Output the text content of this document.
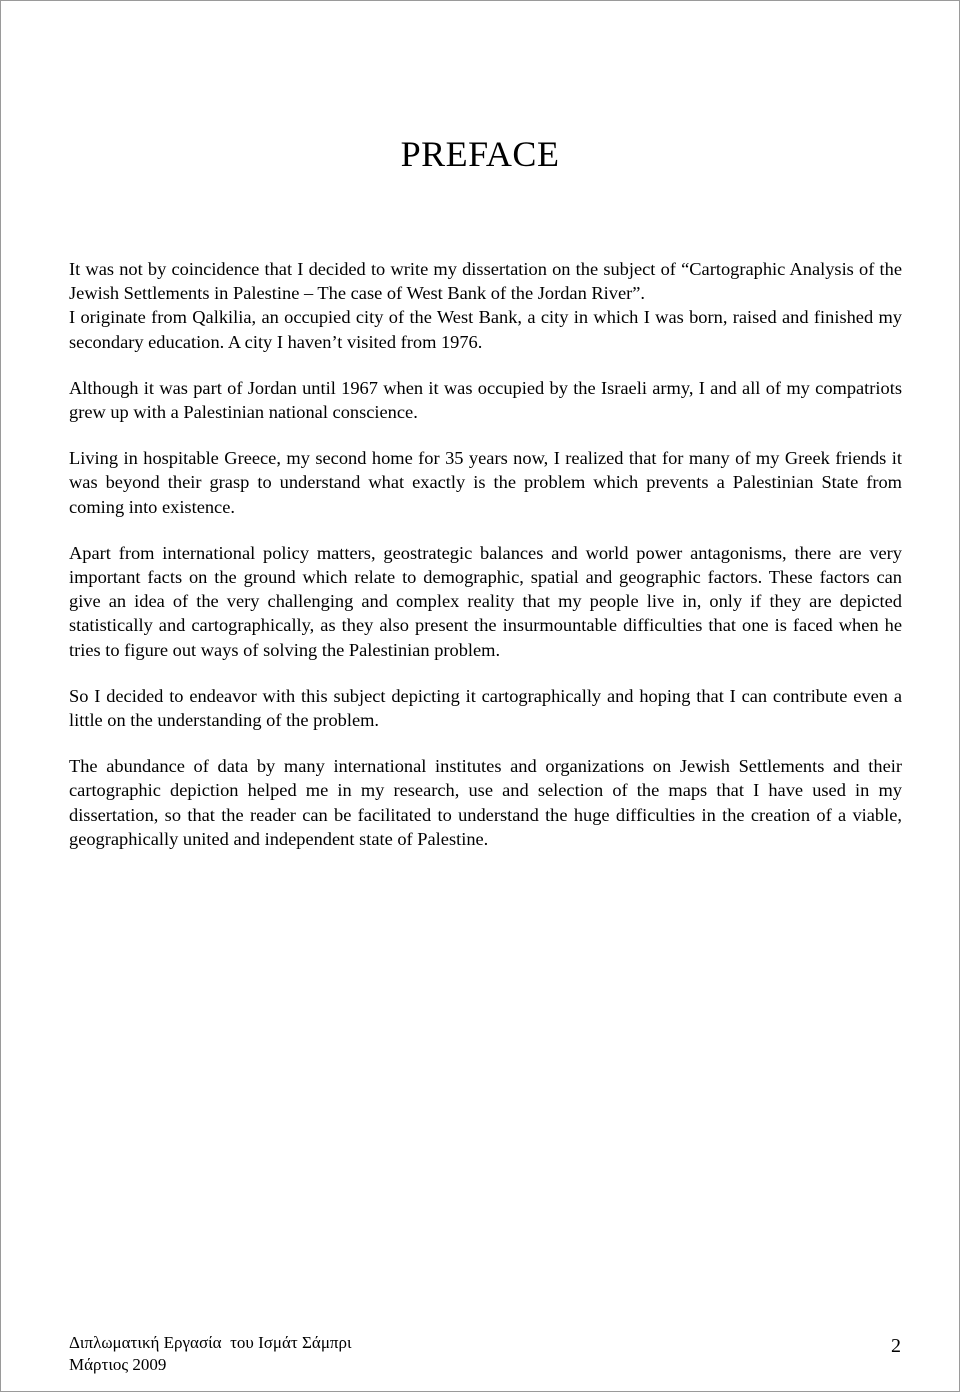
PREFACE

It was not by coincidence that I decided to write my dissertation on the subject of “Cartographic Analysis of the Jewish Settlements in Palestine – The case of West Bank of the Jordan River”.

I originate from Qalkilia, an occupied city of the West Bank, a city in which I was born, raised and finished my secondary education. A city I haven’t visited from 1976.

Although it was part of Jordan until 1967 when it was occupied by the Israeli army, I and all of my compatriots grew up with a Palestinian national conscience.

Living in hospitable Greece, my second home for 35 years now, I realized that for many of my Greek friends it was beyond their grasp to understand what exactly is the problem which prevents a Palestinian State from coming into existence.

Apart from international policy matters, geostrategic balances and world power antagonisms, there are very important facts on the ground which relate to demographic, spatial and geographic factors. These factors can give an idea of the very challenging and complex reality that my people live in, only if they are depicted statistically and cartographically, as they also present the insurmountable difficulties that one is faced when he tries to figure out ways of solving the Palestinian problem.

So I decided to endeavor with this subject depicting it cartographically and hoping that I can contribute even a little on the understanding of the problem.

The abundance of data by many international institutes and organizations on Jewish Settlements and their cartographic depiction helped me in my research, use and selection of the maps that I have used in my dissertation, so that the reader can be facilitated to understand the huge difficulties in the creation of a viable, geographically united and independent state of Palestine.

Διπλωματική Εργασία  του Ισμάτ Σάμπρι
Μάρτιος 2009
2
